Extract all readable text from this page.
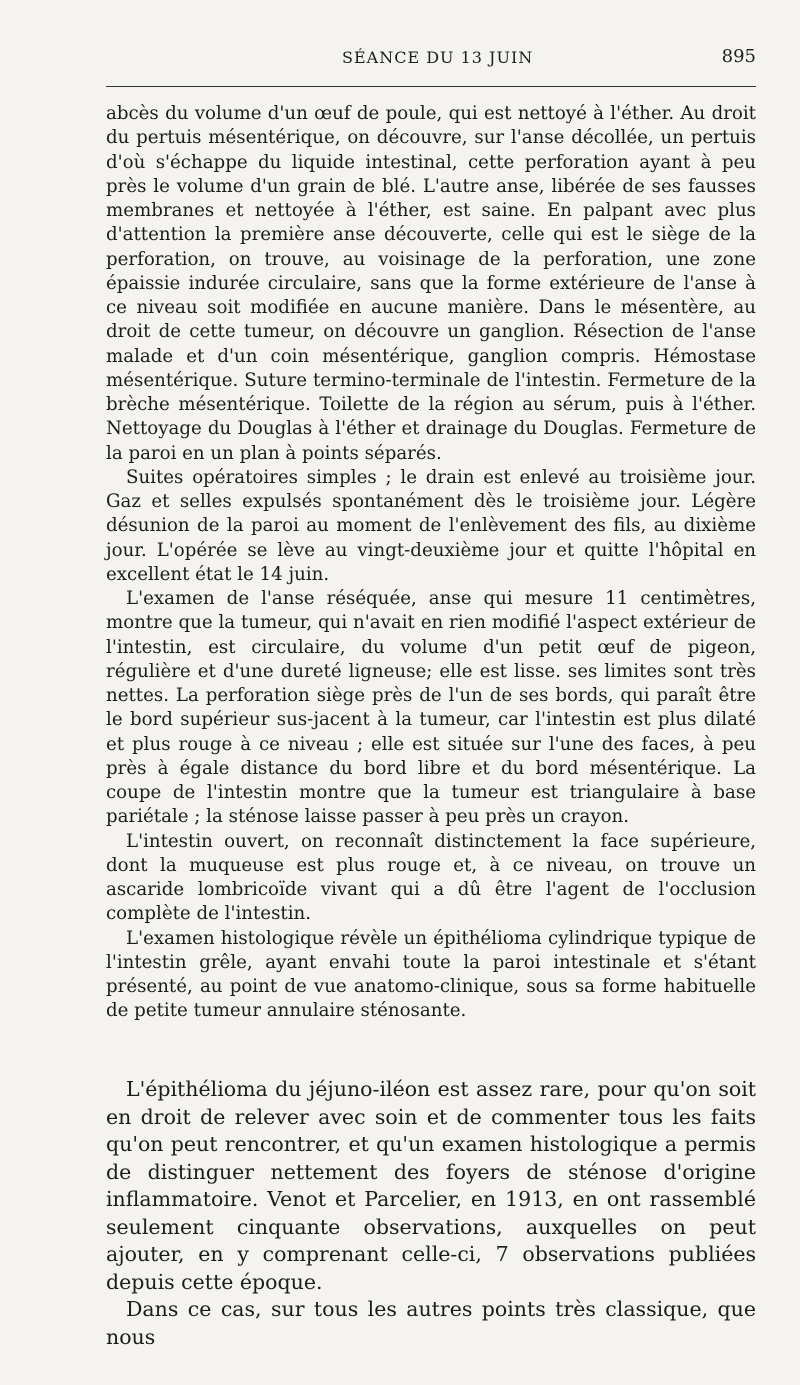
SÉANCE DU 13 JUIN	895

abcès du volume d'un œuf de poule, qui est nettoyé à l'éther. Au droit du pertuis mésentérique, on découvre, sur l'anse décollée, un pertuis d'où s'échappe du liquide intestinal, cette perforation ayant à peu près le volume d'un grain de blé. L'autre anse, libérée de ses fausses membranes et nettoyée à l'éther, est saine. En palpant avec plus d'attention la première anse découverte, celle qui est le siège de la perforation, on trouve, au voisinage de la perforation, une zone épaissie indurée circulaire, sans que la forme extérieure de l'anse à ce niveau soit modifiée en aucune manière. Dans le mésentère, au droit de cette tumeur, on découvre un ganglion. Résection de l'anse malade et d'un coin mésentérique, ganglion compris. Hémostase mésentérique. Suture termino-terminale de l'intestin. Fermeture de la brèche mésentérique. Toilette de la région au sérum, puis à l'éther. Nettoyage du Douglas à l'éther et drainage du Douglas. Fermeture de la paroi en un plan à points séparés.

Suites opératoires simples ; le drain est enlevé au troisième jour. Gaz et selles expulsés spontanément dès le troisième jour. Légère désunion de la paroi au moment de l'enlèvement des fils, au dixième jour. L'opérée se lève au vingt-deuxième jour et quitte l'hôpital en excellent état le 14 juin.

L'examen de l'anse réséquée, anse qui mesure 11 centimètres, montre que la tumeur, qui n'avait en rien modifié l'aspect extérieur de l'intestin, est circulaire, du volume d'un petit œuf de pigeon, régulière et d'une dureté ligneuse; elle est lisse. ses limites sont très nettes. La perforation siège près de l'un de ses bords, qui paraît être le bord supérieur sus-jacent à la tumeur, car l'intestin est plus dilaté et plus rouge à ce niveau ; elle est située sur l'une des faces, à peu près à égale distance du bord libre et du bord mésentérique. La coupe de l'intestin montre que la tumeur est triangulaire à base pariétale ; la sténose laisse passer à peu près un crayon.

L'intestin ouvert, on reconnaît distinctement la face supérieure, dont la muqueuse est plus rouge et, à ce niveau, on trouve un ascaride lombricoïde vivant qui a dû être l'agent de l'occlusion complète de l'intestin.

L'examen histologique révèle un épithélioma cylindrique typique de l'intestin grêle, ayant envahi toute la paroi intestinale et s'étant présenté, au point de vue anatomo-clinique, sous sa forme habituelle de petite tumeur annulaire sténosante.

L'épithélioma du jéjuno-iléon est assez rare, pour qu'on soit en droit de relever avec soin et de commenter tous les faits qu'on peut rencontrer, et qu'un examen histologique a permis de distinguer nettement des foyers de sténose d'origine inflammatoire. Venot et Parcelier, en 1913, en ont rassemblé seulement cinquante observations, auxquelles on peut ajouter, en y comprenant celle-ci, 7 observations publiées depuis cette époque.

Dans ce cas, sur tous les autres points très classique, que nous
